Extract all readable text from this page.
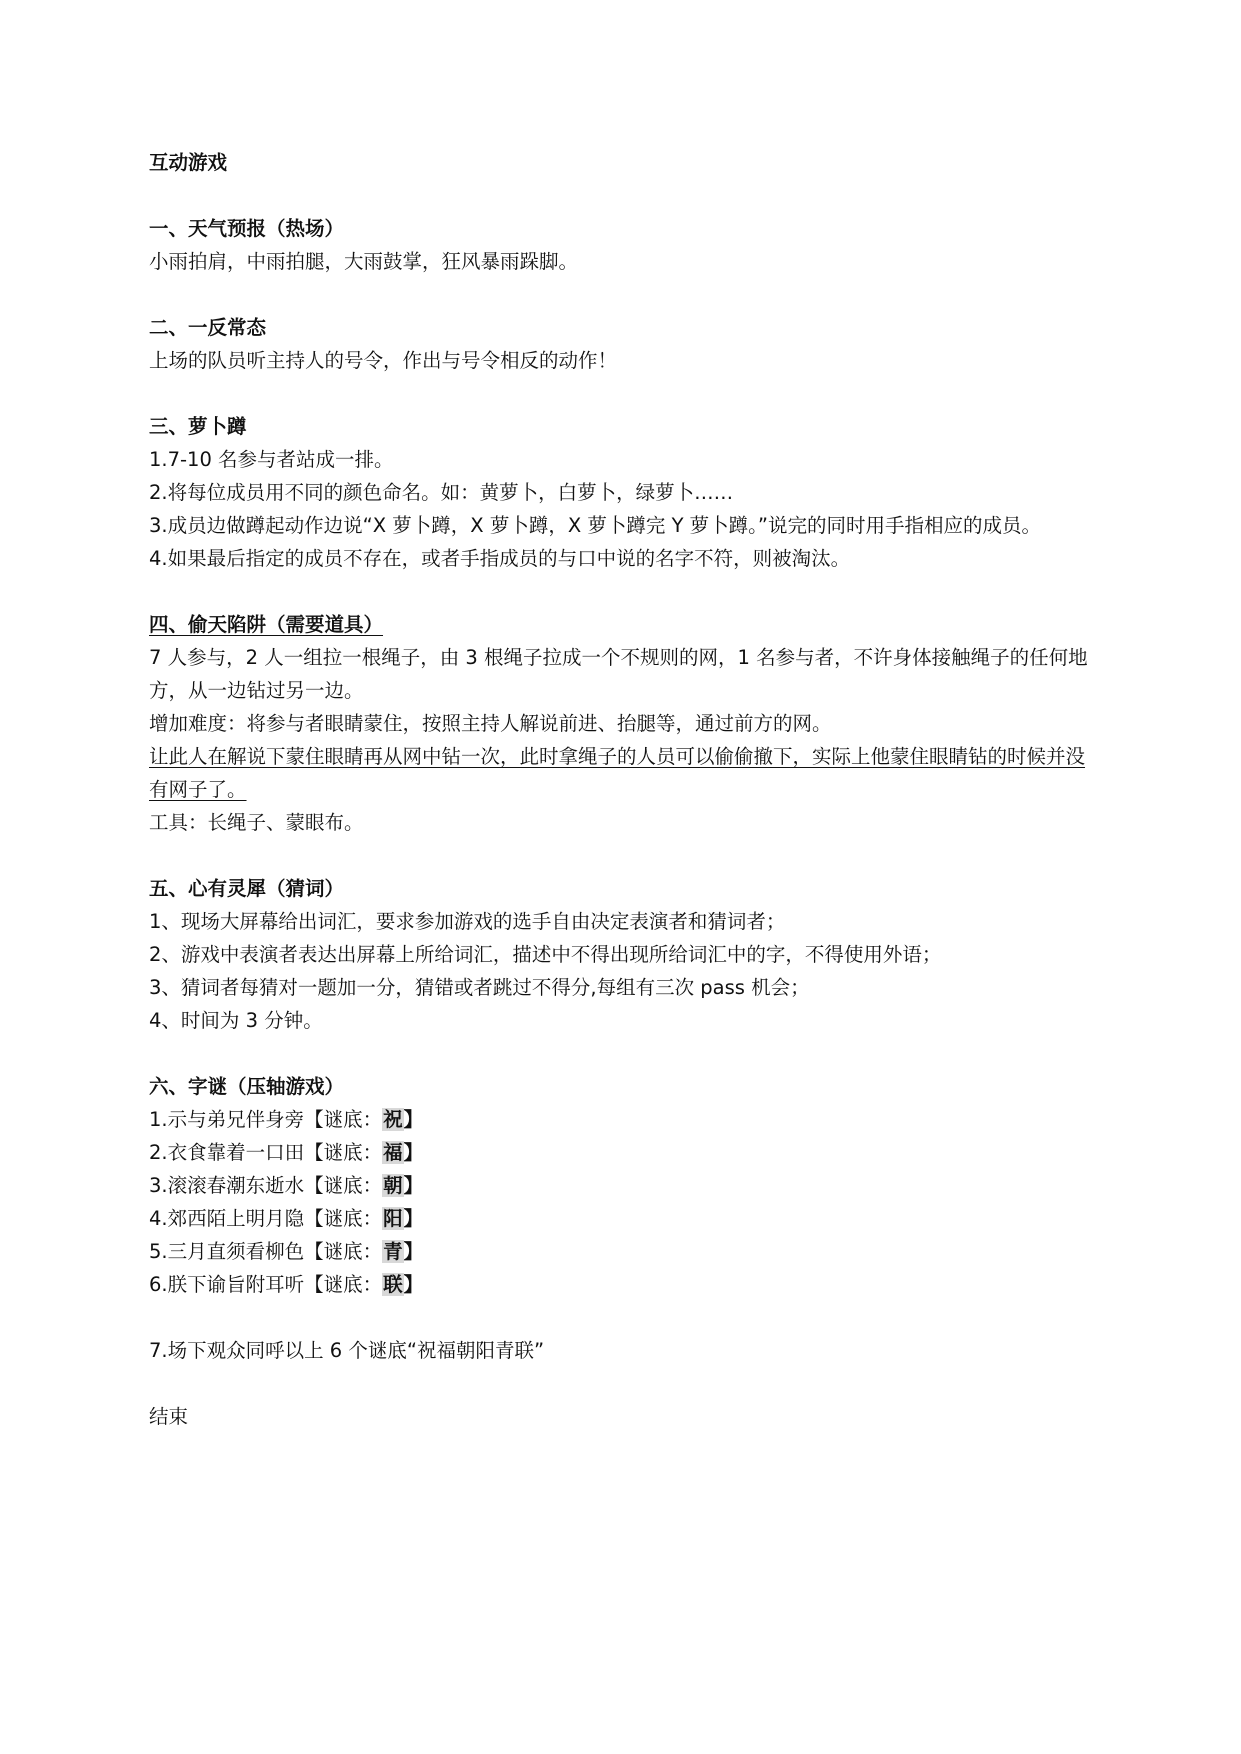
互动游戏
一、天气预报（热场）
小雨拍肩，中雨拍腿，大雨鼓掌，狂风暴雨跺脚。
二、一反常态
上场的队员听主持人的号令，作出与号令相反的动作！
三、萝卜蹲
1.7-10 名参与者站成一排。
2.将每位成员用不同的颜色命名。如：黄萝卜，白萝卜，绿萝卜……
3.成员边做蹲起动作边说“X 萝卜蹲，X 萝卜蹲，X 萝卜蹲完 Y 萝卜蹲。”说完的同时用手指相应的成员。
4.如果最后指定的成员不存在，或者手指成员的与口中说的名字不符，则被淘汰。
四、偷天陷阱（需要道具）
7 人参与，2 人一组拉一根绳子，由 3 根绳子拉成一个不规则的网，1 名参与者，不许身体接触绳子的任何地方，从一边钻过另一边。
增加难度：将参与者眼睛蒙住，按照主持人解说前进、抬腿等，通过前方的网。
让此人在解说下蒙住眼睛再从网中钻一次，此时拿绳子的人员可以偷偷撤下，实际上他蒙住眼睛钻的时候并没有网子了。
工具：长绳子、蒙眼布。
五、心有灵犀（猜词）
1、现场大屏幕给出词汇，要求参加游戏的选手自由决定表演者和猜词者；
2、游戏中表演者表达出屏幕上所给词汇，描述中不得出现所给词汇中的字，不得使用外语；
3、猜词者每猜对一题加一分，猜错或者跳过不得分,每组有三次 pass 机会；
4、时间为 3 分钟。
六、字谜（压轴游戏）
1.示与弟兄伴身旁【谜底：祝】
2.衣食靠着一口田【谜底：福】
3.滚滚春潮东逝水【谜底：朝】
4.郊西陌上明月隐【谜底：阳】
5.三月直须看柳色【谜底：青】
6.朕下谕旨附耳听【谜底：联】
7.场下观众同呼以上 6 个谜底“祝福朝阳青联”
结束
